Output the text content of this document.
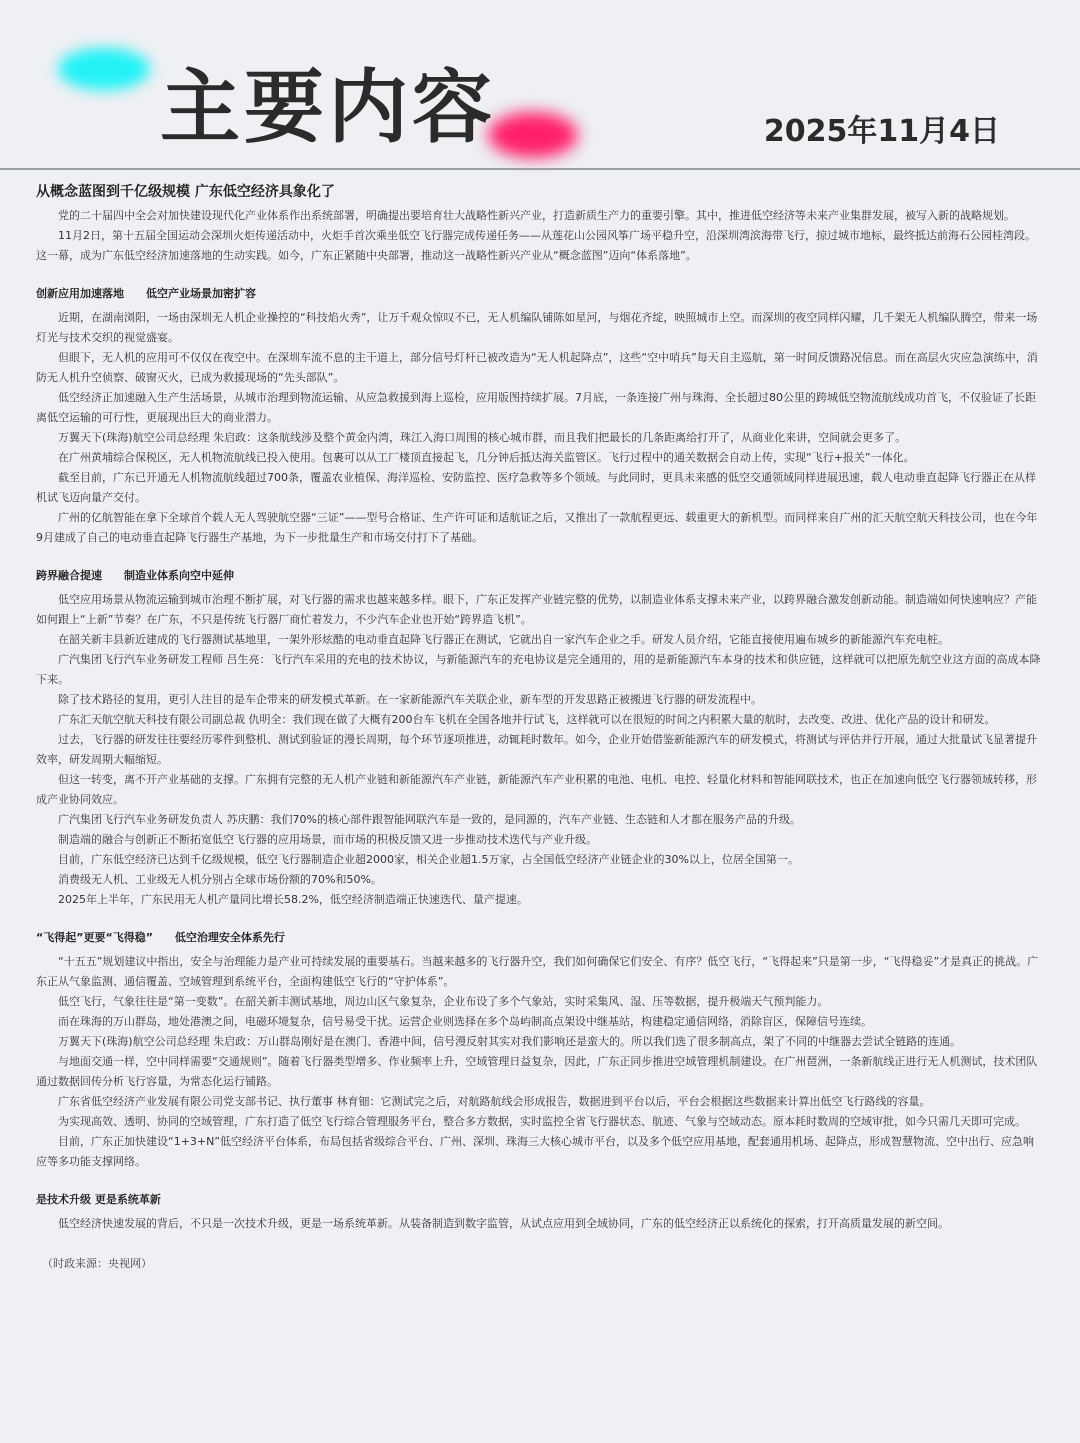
主要内容	2025年11月4日
从概念蓝图到千亿级规模 广东低空经济具象化了

党的二十届四中全会对加快建设现代化产业体系作出系统部署，明确提出要培育壮大战略性新兴产业，打造新质生产力的重要引擎。其中，推进低空经济等未来产业集群发展，被写入新的战略规划。

11月2日，第十五届全国运动会深圳火炬传递活动中，火炬手首次乘坐低空飞行器完成传递任务——从莲花山公园风筝广场平稳升空，沿深圳湾滨海带飞行，掠过城市地标，最终抵达前海石公园桂湾段。这一幕，成为广东低空经济加速落地的生动实践。如今，广东正紧随中央部署，推动这一战略性新兴产业从“概念蓝图”迈向“体系落地”。

创新应用加速落地　　低空产业场景加密扩容

近期，在湖南浏阳，一场由深圳无人机企业操控的“科技焰火秀”，让万千观众惊叹不已，无人机编队铺陈如星河，与烟花齐绽，映照城市上空。而深圳的夜空同样闪耀，几千架无人机编队腾空，带来一场灯光与技术交织的视觉盛宴。

但眼下，无人机的应用可不仅仅在夜空中。在深圳车流不息的主干道上，部分信号灯杆已被改造为“无人机起降点”，这些“空中哨兵”每天自主巡航，第一时间反馈路况信息。而在高层火灾应急演练中，消防无人机升空侦察、破窗灭火，已成为救援现场的“先头部队”。

低空经济正加速融入生产生活场景，从城市治理到物流运输、从应急救援到海上巡检，应用版图持续扩展。7月底，一条连接广州与珠海、全长超过80公里的跨城低空物流航线成功首飞，不仅验证了长距离低空运输的可行性，更展现出巨大的商业潜力。

万翼天下(珠海)航空公司总经理 朱启政：这条航线涉及整个黄金内湾，珠江入海口周围的核心城市群，而且我们把最长的几条距离给打开了，从商业化来讲，空间就会更多了。

在广州黄埔综合保税区，无人机物流航线已投入使用。包裹可以从工厂楼顶直接起飞，几分钟后抵达海关监管区。飞行过程中的通关数据会自动上传，实现“飞行+报关”一体化。

截至目前，广东已开通无人机物流航线超过700条，覆盖农业植保、海洋巡检、安防监控、医疗急救等多个领域。与此同时，更具未来感的低空交通领域同样进展迅速，载人电动垂直起降飞行器正在从样机试飞迈向量产交付。

广州的亿航智能在拿下全球首个载人无人驾驶航空器“三证”——型号合格证、生产许可证和适航证之后，又推出了一款航程更远、载重更大的新机型。而同样来自广州的汇天航空航天科技公司，也在今年9月建成了自己的电动垂直起降飞行器生产基地，为下一步批量生产和市场交付打下了基础。

跨界融合提速　　制造业体系向空中延伸

低空应用场景从物流运输到城市治理不断扩展，对飞行器的需求也越来越多样。眼下，广东正发挥产业链完整的优势，以制造业体系支撑未来产业，以跨界融合激发创新动能。制造端如何快速响应？产能如何跟上“上新”节奏？在广东，不只是传统飞行器厂商忙着发力，不少汽车企业也开始“跨界造飞机”。

在韶关新丰县新近建成的飞行器测试基地里，一架外形炫酷的电动垂直起降飞行器正在测试，它就出自一家汽车企业之手。研发人员介绍，它能直接使用遍布城乡的新能源汽车充电桩。

广汽集团飞行汽车业务研发工程师 吕生亮：飞行汽车采用的充电的技术协议，与新能源汽车的充电协议是完全通用的，用的是新能源汽车本身的技术和供应链，这样就可以把原先航空业这方面的高成本降下来。

除了技术路径的复用，更引人注目的是车企带来的研发模式革新。在一家新能源汽车关联企业，新车型的开发思路正被搬进飞行器的研发流程中。

广东汇天航空航天科技有限公司副总裁 仇明全：我们现在做了大概有200台车飞机在全国各地并行试飞，这样就可以在很短的时间之内积累大量的航时，去改变、改进、优化产品的设计和研发。

过去，飞行器的研发往往要经历零件到整机、测试到验证的漫长周期，每个环节逐项推进，动辄耗时数年。如今，企业开始借鉴新能源汽车的研发模式，将测试与评估并行开展，通过大批量试飞显著提升效率，研发周期大幅缩短。

但这一转变，离不开产业基础的支撑。广东拥有完整的无人机产业链和新能源汽车产业链，新能源汽车产业积累的电池、电机、电控、轻量化材料和智能网联技术，也正在加速向低空飞行器领域转移，形成产业协同效应。

广汽集团飞行汽车业务研发负责人 苏庆鹏：我们70%的核心部件跟智能网联汽车是一致的，是同源的，汽车产业链、生态链和人才都在服务产品的升级。

制造端的融合与创新正不断拓宽低空飞行器的应用场景，而市场的积极反馈又进一步推动技术迭代与产业升级。

目前，广东低空经济已达到千亿级规模，低空飞行器制造企业超2000家，相关企业超1.5万家，占全国低空经济产业链企业的30%以上，位居全国第一。

消费级无人机、工业级无人机分别占全球市场份额的70%和50%。

2025年上半年，广东民用无人机产量同比增长58.2%，低空经济制造端正快速迭代、量产提速。

“飞得起”更要“飞得稳”　　低空治理安全体系先行

“十五五”规划建议中指出，安全与治理能力是产业可持续发展的重要基石。当越来越多的飞行器升空，我们如何确保它们安全、有序？低空飞行，“飞得起来”只是第一步，“飞得稳妥”才是真正的挑战。广东正从气象监测、通信覆盖、空域管理到系统平台，全面构建低空飞行的“守护体系”。

低空飞行，气象往往是“第一变数”。在韶关新丰测试基地，周边山区气象复杂，企业布设了多个气象站，实时采集风、湿、压等数据，提升极端天气预判能力。

而在珠海的万山群岛，地处港澳之间，电磁环境复杂，信号易受干扰。运营企业则选择在多个岛屿制高点架设中继基站，构建稳定通信网络，消除盲区，保障信号连续。

万翼天下(珠海)航空公司总经理 朱启政：万山群岛刚好是在澳门、香港中间，信号漫反射其实对我们影响还是蛮大的。所以我们选了很多制高点，架了不同的中继器去尝试全链路的连通。

与地面交通一样，空中同样需要“交通规则”。随着飞行器类型增多、作业频率上升，空域管理日益复杂，因此，广东正同步推进空域管理机制建设。在广州琶洲，一条新航线正进行无人机测试，技术团队通过数据回传分析飞行容量，为常态化运行铺路。

广东省低空经济产业发展有限公司党支部书记、执行董事 林育钿：它测试完之后，对航路航线会形成报告，数据进到平台以后，平台会根据这些数据来计算出低空飞行路线的容量。

为实现高效、透明、协同的空域管理，广东打造了低空飞行综合管理服务平台，整合多方数据，实时监控全省飞行器状态、航迹、气象与空域动态。原本耗时数周的空域审批，如今只需几天即可完成。

目前，广东正加快建设“1+3+N”低空经济平台体系，布局包括省级综合平台、广州、深圳、珠海三大核心城市平台，以及多个低空应用基地，配套通用机场、起降点，形成智慧物流、空中出行、应急响应等多功能支撑网络。

是技术升级 更是系统革新

低空经济快速发展的背后，不只是一次技术升级，更是一场系统革新。从装备制造到数字监管，从试点应用到全域协同，广东的低空经济正以系统化的探索，打开高质量发展的新空间。

（时政来源：央视网）
